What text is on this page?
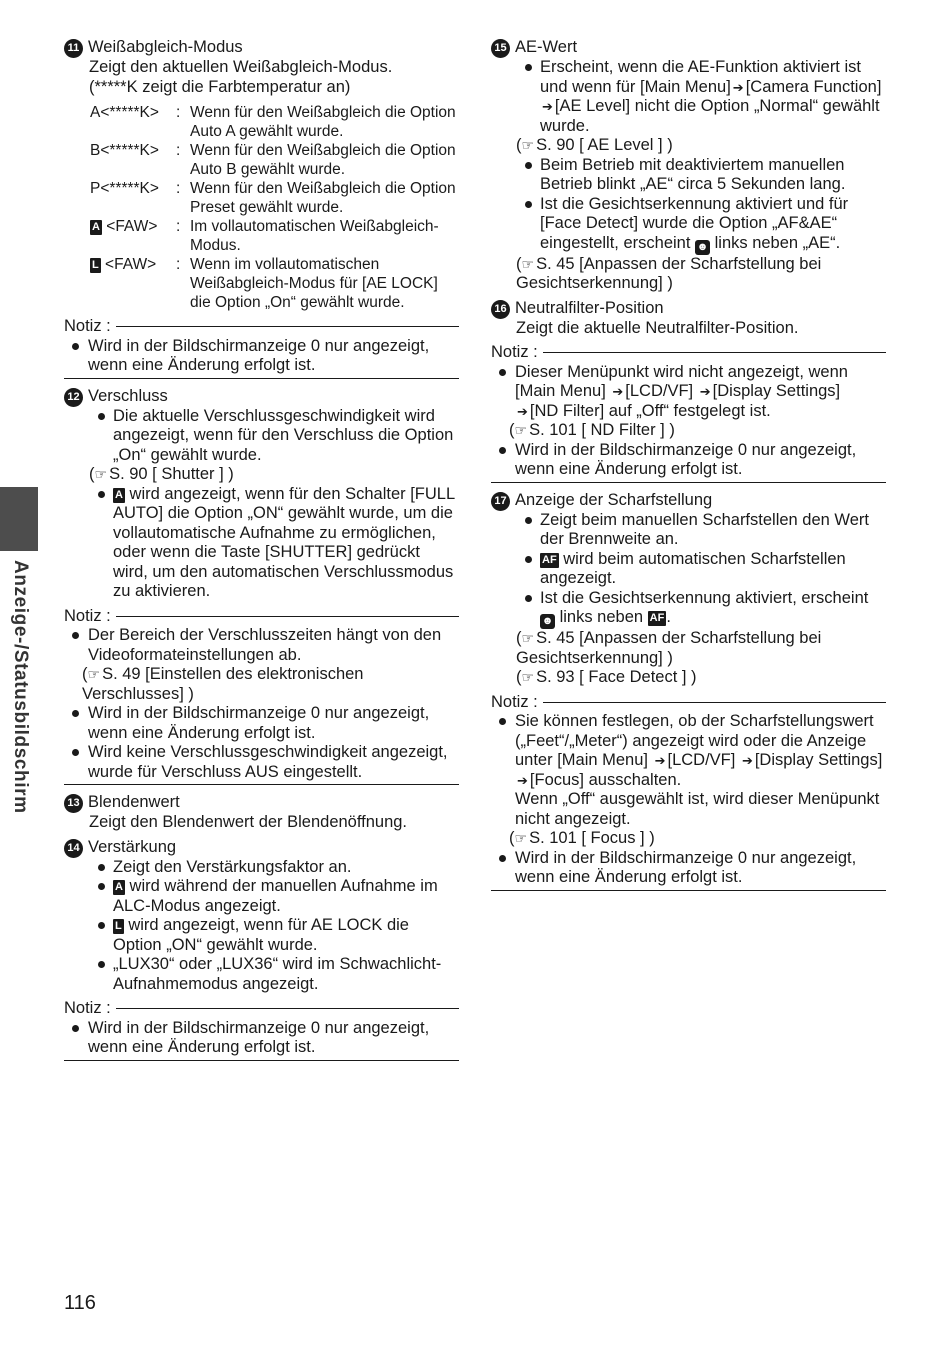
Anzeige-/Statusbildschirm
11 Weißabgleich-Modus
Zeigt den aktuellen Weißabgleich-Modus.
(*****K zeigt die Farbtemperatur an)
A<*****K>	: Wenn für den Weißabgleich die Option Auto A gewählt wurde.
B<*****K>	: Wenn für den Weißabgleich die Option Auto B gewählt wurde.
P<*****K>	: Wenn für den Weißabgleich die Option Preset gewählt wurde.
A <FAW>	: Im vollautomatischen Weißabgleich-Modus.
L <FAW>	: Wenn im vollautomatischen Weißabgleich-Modus für [AE LOCK] die Option „On“ gewählt wurde.
Notiz :
Wird in der Bildschirmanzeige 0 nur angezeigt, wenn eine Änderung erfolgt ist.
12 Verschluss
Die aktuelle Verschlussgeschwindigkeit wird angezeigt, wenn für den Verschluss die Option „On“ gewählt wurde.
(☞ S. 90 [ Shutter ] )
A wird angezeigt, wenn für den Schalter [FULL AUTO] die Option „ON“ gewählt wurde, um die vollautomatische Aufnahme zu ermöglichen, oder wenn die Taste [SHUTTER] gedrückt wird, um den automatischen Verschlussmodus zu aktivieren.
Notiz :
Der Bereich der Verschlusszeiten hängt von den Videoformateinstellungen ab.
(☞ S. 49 [Einstellen des elektronischen Verschlusses] )
Wird in der Bildschirmanzeige 0 nur angezeigt, wenn eine Änderung erfolgt ist.
Wird keine Verschlussgeschwindigkeit angezeigt, wurde für Verschluss AUS eingestellt.
13 Blendenwert
Zeigt den Blendenwert der Blendenöffnung.
14 Verstärkung
Zeigt den Verstärkungsfaktor an.
A wird während der manuellen Aufnahme im ALC-Modus angezeigt.
L wird angezeigt, wenn für AE LOCK die Option „ON“ gewählt wurde.
„LUX30“ oder „LUX36“ wird im Schwachlicht-Aufnahmemodus angezeigt.
Notiz :
Wird in der Bildschirmanzeige 0 nur angezeigt, wenn eine Änderung erfolgt ist.
15 AE-Wert
Erscheint, wenn die AE-Funktion aktiviert ist und wenn für [Main Menu] ➔ [Camera Function] ➔ [AE Level] nicht die Option „Normal“ gewählt wurde.
(☞ S. 90 [ AE Level ] )
Beim Betrieb mit deaktiviertem manuellen Betrieb blinkt „AE“ circa 5 Sekunden lang.
Ist die Gesichtserkennung aktiviert und für [Face Detect] wurde die Option „AF&AE“ eingestellt, erscheint ☻ links neben „AE“.
(☞ S. 45 [Anpassen der Scharfstellung bei Gesichtserkennung] )
16 Neutralfilter-Position
Zeigt die aktuelle Neutralfilter-Position.
Notiz :
Dieser Menüpunkt wird nicht angezeigt, wenn [Main Menu] ➔ [LCD/VF] ➔ [Display Settings] ➔ [ND Filter] auf „Off“ festgelegt ist.
(☞ S. 101 [ ND Filter ] )
Wird in der Bildschirmanzeige 0 nur angezeigt, wenn eine Änderung erfolgt ist.
17 Anzeige der Scharfstellung
Zeigt beim manuellen Scharfstellen den Wert der Brennweite an.
AF wird beim automatischen Scharfstellen angezeigt.
Ist die Gesichtserkennung aktiviert, erscheint ☻ links neben AF .
(☞ S. 45 [Anpassen der Scharfstellung bei Gesichtserkennung] )
(☞ S. 93 [ Face Detect ] )
Notiz :
Sie können festlegen, ob der Scharfstellungswert („Feet“/„Meter“) angezeigt wird oder die Anzeige unter [Main Menu] ➔ [LCD/VF] ➔ [Display Settings] ➔ [Focus] ausschalten.
Wenn „Off“ ausgewählt ist, wird dieser Menüpunkt nicht angezeigt.
(☞ S. 101 [ Focus ] )
Wird in der Bildschirmanzeige 0 nur angezeigt, wenn eine Änderung erfolgt ist.
116
